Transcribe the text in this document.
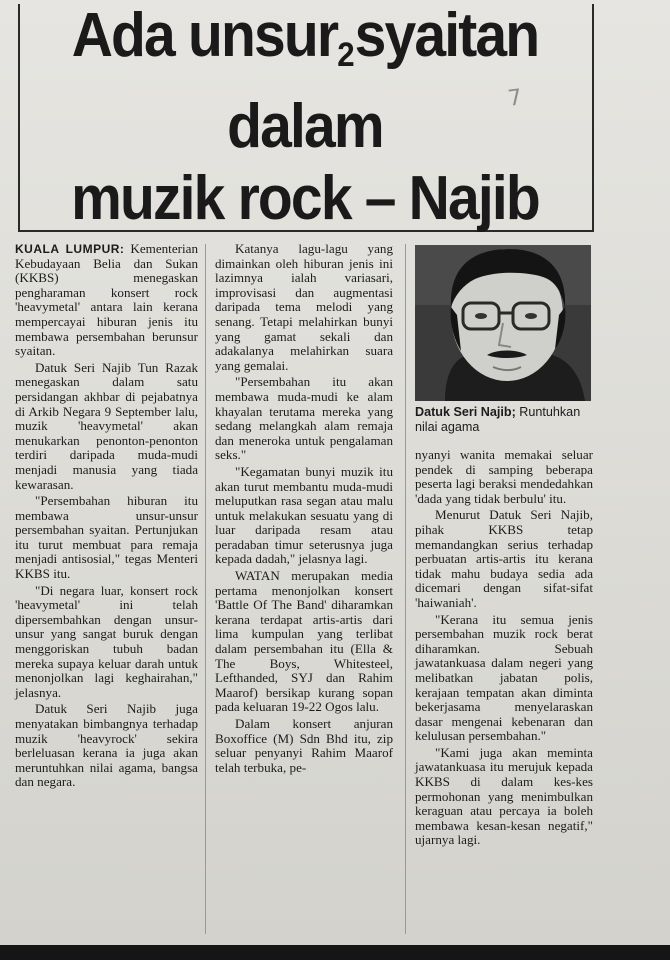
Ada unsur$_2$syaitan
dalam
muzik rock – Najib
7

KUALA LUMPUR: Kementerian Kebudayaan Belia dan Sukan (KKBS) menegaskan pengharaman konsert rock 'heavymetal' antara lain kerana mempercayai hiburan jenis itu membawa persembahan berunsur syaitan.

Datuk Seri Najib Tun Razak menegaskan dalam satu persidangan akhbar di pejabatnya di Arkib Negara 9 September lalu, muzik 'heavymetal' akan menukarkan penonton-penonton terdiri daripada muda-mudi menjadi manusia yang tiada kewarasan.

"Persembahan hiburan itu membawa unsur-unsur persembahan syaitan. Pertunjukan itu turut membuat para remaja menjadi antisosial," tegas Menteri KKBS itu.

"Di negara luar, konsert rock 'heavymetal' ini telah dipersembahkan dengan unsur-unsur yang sangat buruk dengan menggoriskan tubuh badan mereka supaya keluar darah untuk menonjolkan lagi keghairahan," jelasnya.

Datuk Seri Najib juga menyatakan bimbangnya terhadap muzik 'heavyrock' sekira berleluasan kerana ia juga akan meruntuhkan nilai agama, bangsa dan negara.

Katanya lagu-lagu yang dimainkan oleh hiburan jenis ini lazimnya ialah variasari, improvisasi dan augmentasi daripada tema melodi yang senang. Tetapi melahirkan bunyi yang gamat sekali dan adakalanya melahirkan suara yang gemalai.

"Persembahan itu akan membawa muda-mudi ke alam khayalan terutama mereka yang sedang melangkah alam remaja dan meneroka untuk pengalaman seks."

"Kegamatan bunyi muzik itu akan turut membantu muda-mudi meluputkan rasa segan atau malu untuk melakukan sesuatu yang di luar daripada resam atau peradaban timur seterusnya juga kepada dadah," jelasnya lagi.

WATAN merupakan media pertama menonjolkan konsert 'Battle Of The Band' diharamkan kerana terdapat artis-artis dari lima kumpulan yang terlibat dalam persembahan itu (Ella & The Boys, Whitesteel, Lefthanded, SYJ dan Rahim Maarof) bersikap kurang sopan pada keluaran 19-22 Ogos lalu.

Dalam konsert anjuran Boxoffice (M) Sdn Bhd itu, zip seluar penyanyi Rahim Maarof telah terbuka, pe-

Datuk Seri Najib; Runtuhkan nilai agama

nyanyi wanita memakai seluar pendek di samping beberapa peserta lagi beraksi mendedahkan 'dada yang tidak berbulu' itu.

Menurut Datuk Seri Najib, pihak KKBS tetap memandangkan serius terhadap perbuatan artis-artis itu kerana tidak mahu budaya sedia ada dicemari dengan sifat-sifat 'haiwaniah'.

"Kerana itu semua jenis persembahan muzik rock berat diharamkan. Sebuah jawatankuasa dalam negeri yang melibatkan jabatan polis, kerajaan tempatan akan diminta bekerjasama menyelaraskan dasar mengenai kebenaran dan kelulusan persembahan."

"Kami juga akan meminta jawatankuasa itu merujuk kepada KKBS di dalam kes-kes permohonan yang menimbulkan keraguan atau percaya ia boleh membawa kesan-kesan negatif," ujarnya lagi.
